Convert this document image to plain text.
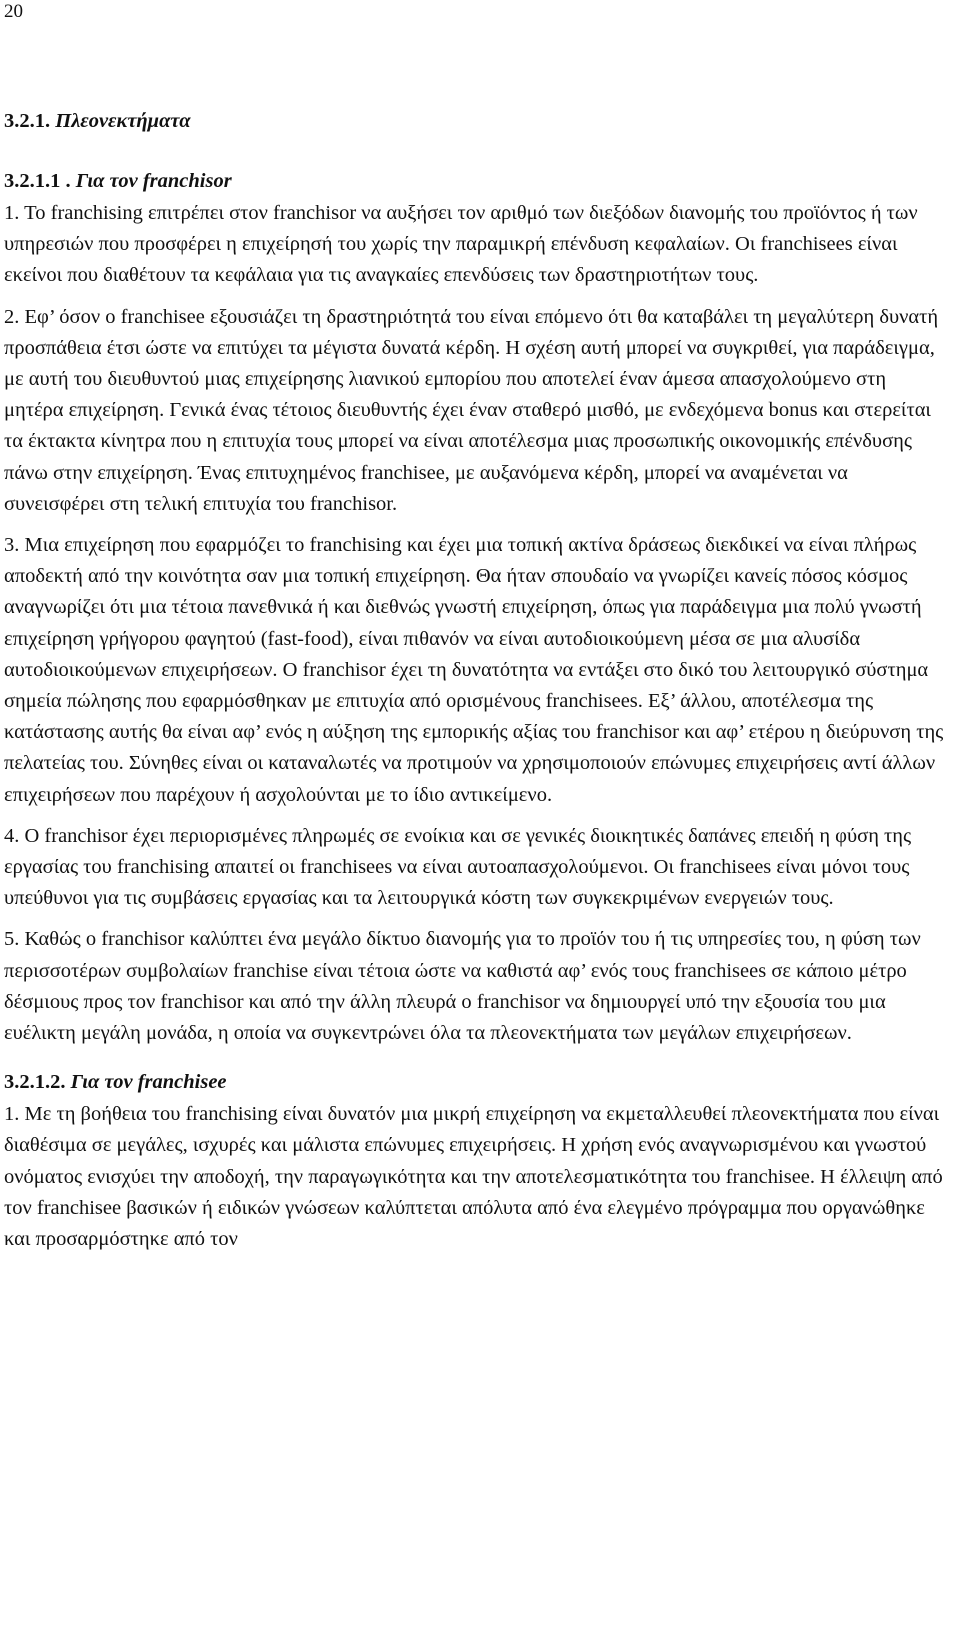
20

3.2.1. Πλεονεκτήματα

3.2.1.1 . Για τον franchisor

1. Το franchising επιτρέπει στον franchisor να αυξήσει τον αριθμό των διεξόδων διανομής του προϊόντος ή των υπηρεσιών που προσφέρει η επιχείρησή του χωρίς την παραμικρή επένδυση κεφαλαίων. Οι franchisees είναι εκείνοι που διαθέτουν τα κεφάλαια για τις αναγκαίες επενδύσεις των δραστηριοτήτων τους.

2. Εφ’ όσον ο franchisee εξουσιάζει τη δραστηριότητά του είναι επόμενο ότι θα καταβάλει τη μεγαλύτερη δυνατή προσπάθεια έτσι ώστε να επιτύχει τα μέγιστα δυνατά κέρδη. Η σχέση αυτή μπορεί να συγκριθεί, για παράδειγμα, με αυτή του διευθυντού μιας επιχείρησης λιανικού εμπορίου που αποτελεί έναν άμεσα απασχολούμενο στη μητέρα επιχείρηση. Γενικά ένας τέτοιος διευθυντής έχει έναν σταθερό μισθό, με ενδεχόμενα bonus και στερείται τα έκτακτα κίνητρα που η επιτυχία τους μπορεί να είναι αποτέλεσμα μιας προσωπικής οικονομικής επένδυσης πάνω στην επιχείρηση. Ένας επιτυχημένος franchisee, με αυξανόμενα κέρδη, μπορεί να αναμένεται να συνεισφέρει στη τελική επιτυχία του franchisor.

3. Μια επιχείρηση που εφαρμόζει το franchising και έχει μια τοπική ακτίνα δράσεως διεκδικεί να είναι πλήρως αποδεκτή από την κοινότητα σαν μια τοπική επιχείρηση. Θα ήταν σπουδαίο να γνωρίζει κανείς πόσος κόσμος αναγνωρίζει ότι μια τέτοια πανεθνικά ή και διεθνώς γνωστή επιχείρηση, όπως για παράδειγμα μια πολύ γνωστή επιχείρηση γρήγορου φαγητού (fast-food), είναι πιθανόν να είναι αυτοδιοικούμενη μέσα σε μια αλυσίδα αυτοδιοικούμενων επιχειρήσεων. Ο franchisor έχει τη δυνατότητα να εντάξει στο δικό του λειτουργικό σύστημα σημεία πώλησης που εφαρμόσθηκαν με επιτυχία από ορισμένους franchisees. Εξ’ άλλου, αποτέλεσμα της κατάστασης αυτής θα είναι αφ’ ενός η αύξηση της εμπορικής αξίας του franchisor και αφ’ ετέρου η διεύρυνση της πελατείας του. Σύνηθες είναι οι καταναλωτές να προτιμούν να χρησιμοποιούν επώνυμες επιχειρήσεις αντί άλλων επιχειρήσεων που παρέχουν ή ασχολούνται με το ίδιο αντικείμενο.

4. Ο franchisor έχει περιορισμένες πληρωμές σε ενοίκια και σε γενικές διοικητικές δαπάνες επειδή η φύση της εργασίας του franchising απαιτεί οι franchisees να είναι αυτοαπασχολούμενοι. Οι franchisees είναι μόνοι τους υπεύθυνοι για τις συμβάσεις εργασίας και τα λειτουργικά κόστη των συγκεκριμένων ενεργειών τους.

5. Καθώς ο franchisor καλύπτει ένα μεγάλο δίκτυο διανομής για το προϊόν του ή τις υπηρεσίες του, η φύση των περισσοτέρων συμβολαίων franchise είναι τέτοια ώστε να καθιστά αφ’ ενός τους franchisees σε κάποιο μέτρο δέσμιους προς τον franchisor και από την άλλη πλευρά ο franchisor να δημιουργεί υπό την εξουσία του μια ευέλικτη μεγάλη μονάδα, η οποία να συγκεντρώνει όλα τα πλεονεκτήματα των μεγάλων επιχειρήσεων.

3.2.1.2. Για τον franchisee

1. Με τη βοήθεια του franchising είναι δυνατόν μια μικρή επιχείρηση να εκμεταλλευθεί πλεονεκτήματα που είναι διαθέσιμα σε μεγάλες, ισχυρές και μάλιστα επώνυμες επιχειρήσεις. Η χρήση ενός αναγνωρισμένου και γνωστού ονόματος ενισχύει την αποδοχή, την παραγωγικότητα και την αποτελεσματικότητα του franchisee. Η έλλειψη από τον franchisee βασικών ή ειδικών γνώσεων καλύπτεται απόλυτα από ένα ελεγμένο πρόγραμμα που οργανώθηκε και προσαρμόστηκε από τον
